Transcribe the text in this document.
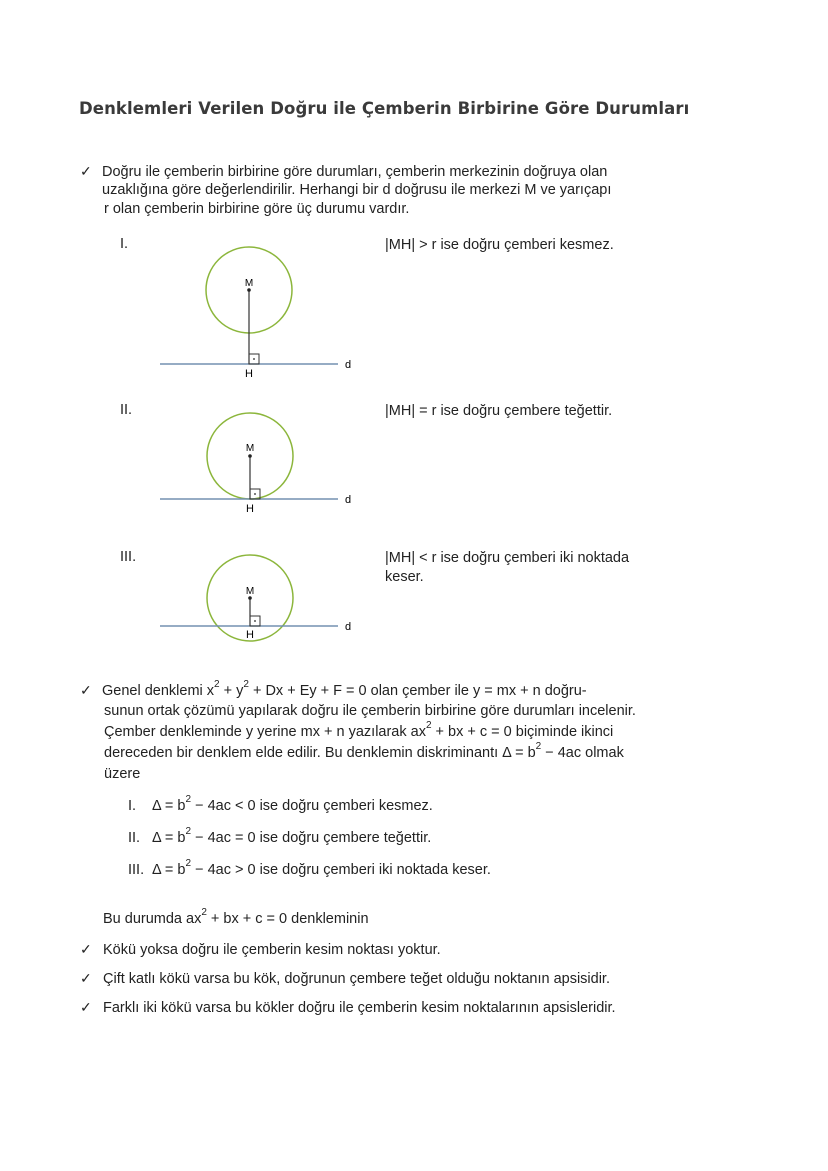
Denklemleri Verilen Doğru ile Çemberin Birbirine Göre Durumları
✓ Doğru ile çemberin birbirine göre durumları, çemberin merkezinin doğruya olan
uzaklığına göre değerlendirilir. Herhangi bir d doğrusu ile merkezi M ve yarıçapı
r olan çemberin birbirine göre üç durumu vardır.
I.	|MH| > r ise doğru çemberi kesmez.
II.	|MH| = r ise doğru çembere teğettir.
III.	|MH| < r ise doğru çemberi iki noktada
keser.
M
H
d
M
H
d
M
H
d
✓ Genel denklemi $x^2 + y^2 + Dx + Ey + F = 0$ olan çember ile y = mx + n doğru-
sunun ortak çözümü yapılarak doğru ile çemberin birbirine göre durumları incelenir.
Çember denkleminde y yerine mx + n yazılarak $ax^2$ + bx + c = 0 biçiminde ikinci
dereceden bir denklem elde edilir. Bu denklemin diskriminantı $\Delta = b^2 - 4ac$ olmak
üzere
I. $\Delta = b^2 - 4ac < 0$ ise doğru çemberi kesmez.
II. $\Delta = b^2 - 4ac = 0$ ise doğru çembere teğettir.
III. $\Delta = b^2 - 4ac > 0$ ise doğru çemberi iki noktada keser.
Bu durumda $ax^2$ + bx + c = 0 denkleminin
✓ Kökü yoksa doğru ile çemberin kesim noktası yoktur.
✓ Çift katlı kökü varsa bu kök, doğrunun çembere teğet olduğu noktanın apsisidir.
✓ Farklı iki kökü varsa bu kökler doğru ile çemberin kesim noktalarının apsisleridir.
